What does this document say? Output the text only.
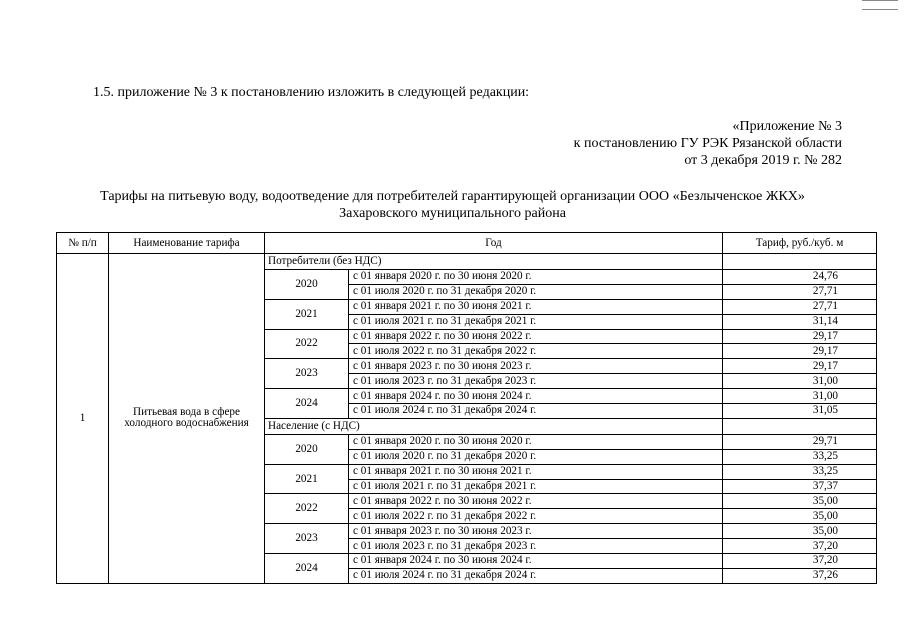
1.5. приложение № 3 к постановлению изложить в следующей редакции:
«Приложение № 3
к постановлению ГУ РЭК Рязанской области
от 3 декабря 2019 г. № 282
Тарифы на питьевую воду, водоотведение для потребителей гарантирующей организации ООО «Безлыченское ЖКХ»
Захаровского муниципального района
№ п/п	Наименование тарифа	Год		Тариф, руб./куб. м
1	Питьевая вода в сфере холодного водоснабжения	Потребители (без НДС)		
		2020	с 01 января 2020 г. по 30 июня 2020 г.	24,76
			с 01 июля 2020 г. по 31 декабря 2020 г.	27,71
		2021	с 01 января 2021 г. по 30 июня 2021 г.	27,71
			с 01 июля 2021 г. по 31 декабря 2021 г.	31,14
		2022	с 01 января 2022 г. по 30 июня 2022 г.	29,17
			с 01 июля 2022 г. по 31 декабря 2022 г.	29,17
		2023	с 01 января 2023 г. по 30 июня 2023 г.	29,17
			с 01 июля 2023 г. по 31 декабря 2023 г.	31,00
		2024	с 01 января 2024 г. по 30 июня 2024 г.	31,00
			с 01 июля 2024 г. по 31 декабря 2024 г.	31,05
		Население (с НДС)		
		2020	с 01 января 2020 г. по 30 июня 2020 г.	29,71
			с 01 июля 2020 г. по 31 декабря 2020 г.	33,25
		2021	с 01 января 2021 г. по 30 июня 2021 г.	33,25
			с 01 июля 2021 г. по 31 декабря 2021 г.	37,37
		2022	с 01 января 2022 г. по 30 июня 2022 г.	35,00
			с 01 июля 2022 г. по 31 декабря 2022 г.	35,00
		2023	с 01 января 2023 г. по 30 июня 2023 г.	35,00
			с 01 июля 2023 г. по 31 декабря 2023 г.	37,20
		2024	с 01 января 2024 г. по 30 июня 2024 г.	37,20
			с 01 июля 2024 г. по 31 декабря 2024 г.	37,26
